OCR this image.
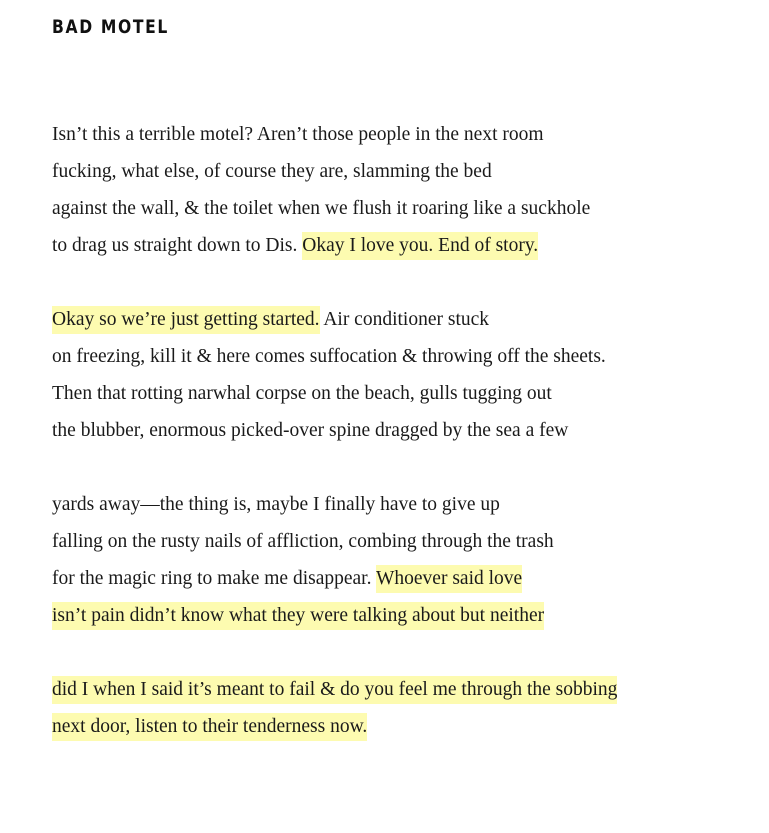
BAD MOTEL
Isn’t this a terrible motel? Aren’t those people in the next room
fucking, what else, of course they are, slamming the bed
against the wall, & the toilet when we flush it roaring like a suckhole
to drag us straight down to Dis. Okay I love you. End of story.
Okay so we’re just getting started. Air conditioner stuck
on freezing, kill it & here comes suffocation & throwing off the sheets.
Then that rotting narwhal corpse on the beach, gulls tugging out
the blubber, enormous picked-over spine dragged by the sea a few
yards away—the thing is, maybe I finally have to give up
falling on the rusty nails of affliction, combing through the trash
for the magic ring to make me disappear. Whoever said love
isn’t pain didn’t know what they were talking about but neither
did I when I said it’s meant to fail & do you feel me through the sobbing
next door, listen to their tenderness now.
